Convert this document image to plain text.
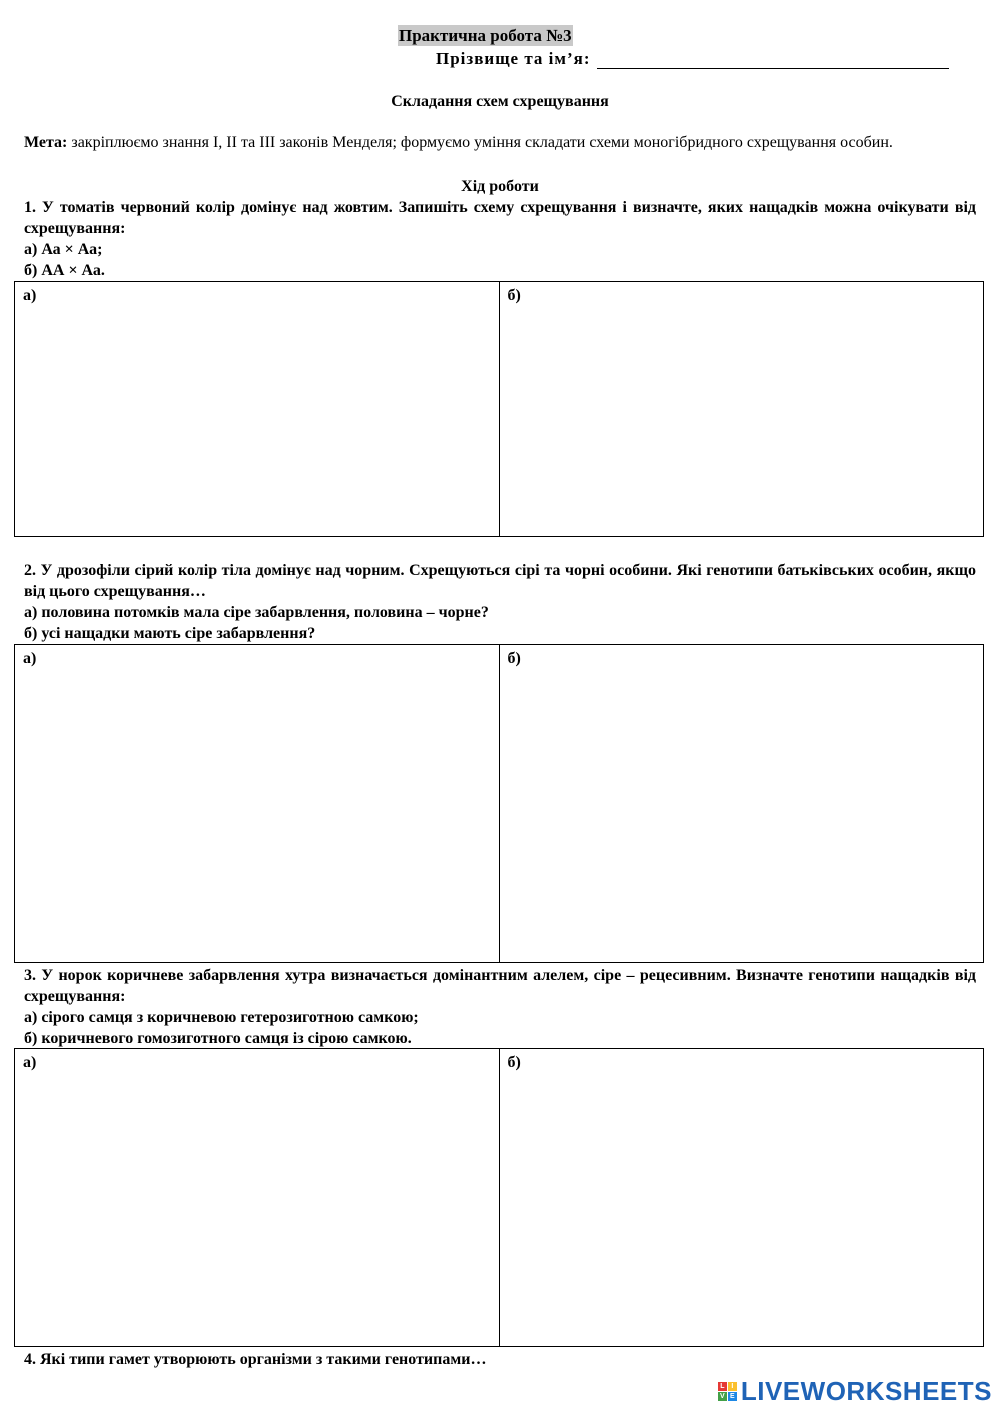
Практична робота №3
Прізвище та ім’я:
Складання схем схрещування
Мета: закріплюємо знання I, II та III законів Менделя; формуємо уміння складати схеми моногібридного схрещування особин.
Хід роботи
1. У томатів червоний колір домінує над жовтим. Запишіть схему схрещування і визначте, яких нащадків можна очікувати від схрещування:
а) Аа × Аа;
б) АА × Аа.
а)	б)
2. У дрозофіли сірий колір тіла домінує над чорним. Схрещуються сірі та чорні особини. Які генотипи батьківських особин, якщо від цього схрещування…
а) половина потомків мала сіре забарвлення, половина – чорне?
б) усі нащадки мають сіре забарвлення?
а)	б)
3. У норок коричневе забарвлення хутра визначається домінантним алелем, сіре – рецесивним. Визначте генотипи нащадків від схрещування:
а) сірого самця з коричневою гетерозиготною самкою;
б) коричневого гомозиготного самця із сірою самкою.
а)	б)
4. Які типи гамет утворюють організми з такими генотипами…
L I
V E LIVEWORKSHEETS
